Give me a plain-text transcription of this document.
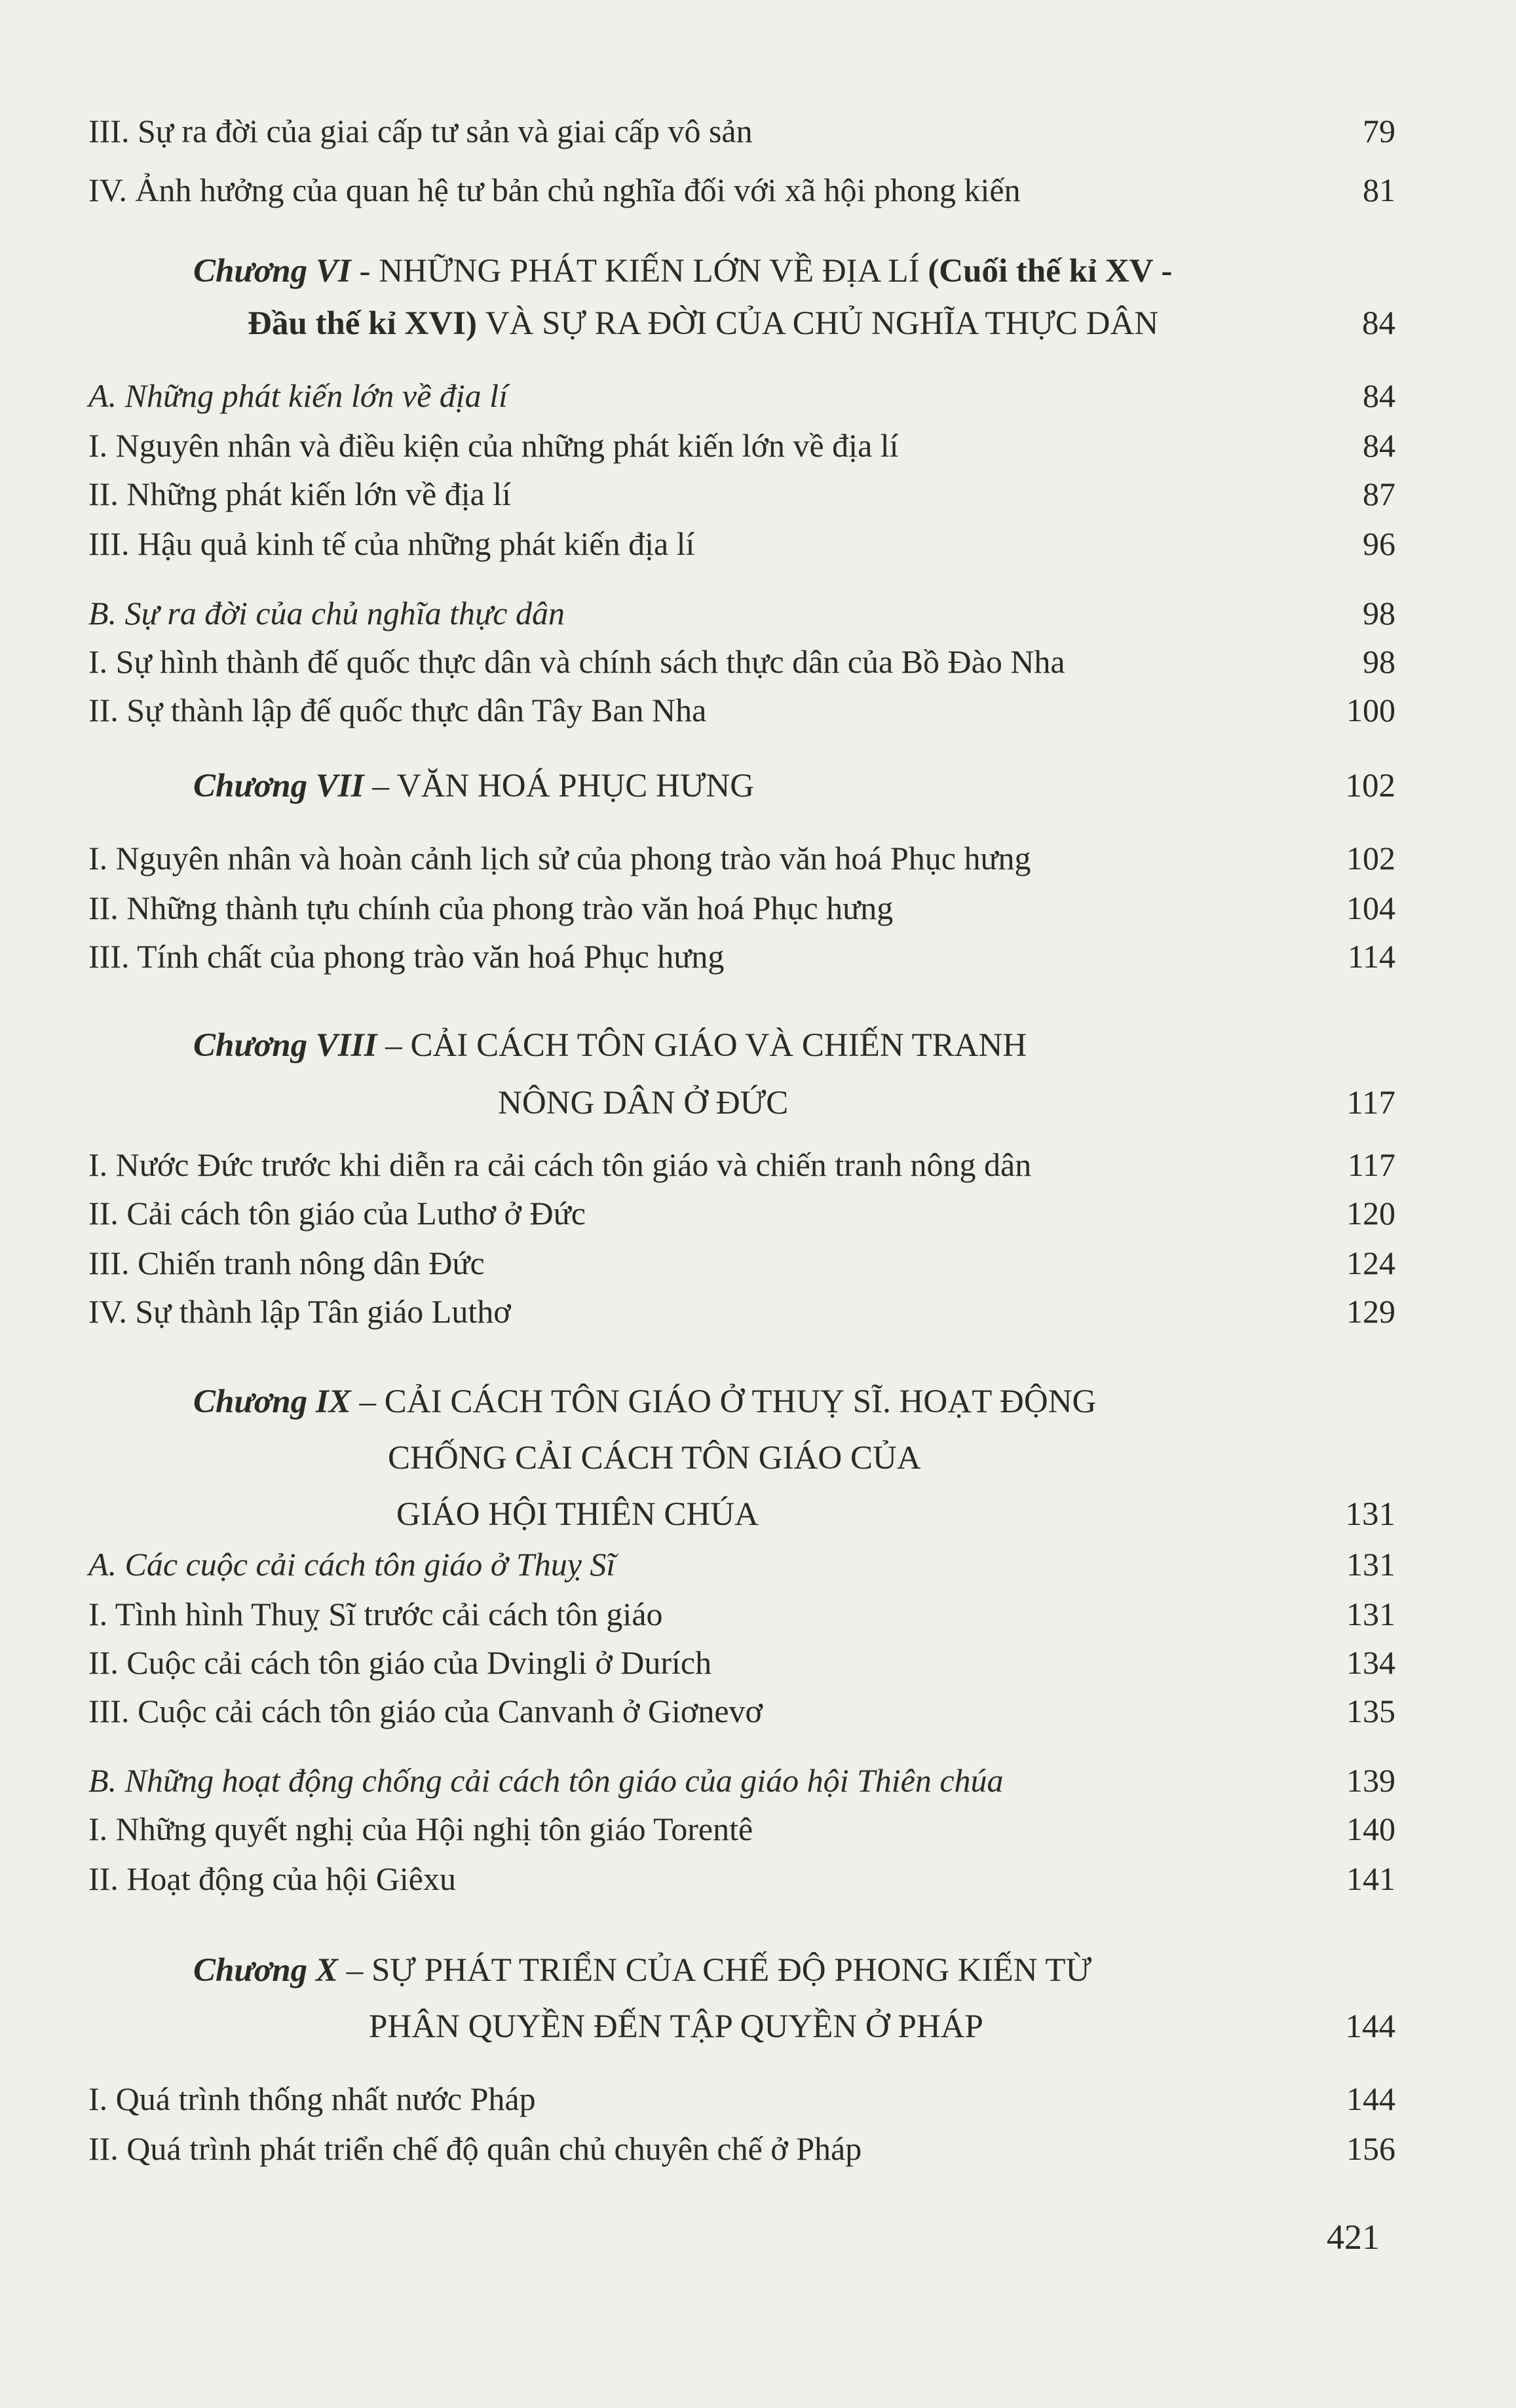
III. Sự ra đời của giai cấp tư sản và giai cấp vô sản	79
IV. Ảnh hưởng của quan hệ tư bản chủ nghĩa đối với xã hội phong kiến	81
Chương VI - NHỮNG PHÁT KIẾN LỚN VỀ ĐỊA LÍ (Cuối thế kỉ XV -
Đầu thế kỉ XVI) VÀ SỰ RA ĐỜI CỦA CHỦ NGHĨA THỰC DÂN	84
A. Những phát kiến lớn về địa lí	84
I. Nguyên nhân và điều kiện của những phát kiến lớn về địa lí	84
II. Những phát kiến lớn về địa lí	87
III. Hậu quả kinh tế của những phát kiến địa lí	96
B. Sự ra đời của chủ nghĩa thực dân	98
I. Sự hình thành đế quốc thực dân và chính sách thực dân của Bồ Đào Nha	98
II. Sự thành lập đế quốc thực dân Tây Ban Nha	100
Chương VII – VĂN HOÁ PHỤC HƯNG	102
I. Nguyên nhân và hoàn cảnh lịch sử của phong trào văn hoá Phục hưng	102
II. Những thành tựu chính của phong trào văn hoá Phục hưng	104
III. Tính chất của phong trào văn hoá Phục hưng	114
Chương VIII – CẢI CÁCH TÔN GIÁO VÀ CHIẾN TRANH
NÔNG DÂN Ở ĐỨC	117
I. Nước Đức trước khi diễn ra cải cách tôn giáo và chiến tranh nông dân	117
II. Cải cách tôn giáo của Luthơ ở Đức	120
III. Chiến tranh nông dân Đức	124
IV. Sự thành lập Tân giáo Luthơ	129
Chương IX – CẢI CÁCH TÔN GIÁO Ở THUỴ SĨ. HOẠT ĐỘNG
CHỐNG CẢI CÁCH TÔN GIÁO CỦA
GIÁO HỘI THIÊN CHÚA	131
A. Các cuộc cải cách tôn giáo ở Thuỵ Sĩ	131
I. Tình hình Thuỵ Sĩ trước cải cách tôn giáo	131
II. Cuộc cải cách tôn giáo của Dvingli ở Durích	134
III. Cuộc cải cách tôn giáo của Canvanh ở Giơnevơ	135
B. Những hoạt động chống cải cách tôn giáo của giáo hội Thiên chúa	139
I. Những quyết nghị của Hội nghị tôn giáo Torentê	140
II. Hoạt động của hội Giêxu	141
Chương X – SỰ PHÁT TRIỂN CỦA CHẾ ĐỘ PHONG KIẾN TỪ
PHÂN QUYỀN ĐẾN TẬP QUYỀN Ở PHÁP	144
I. Quá trình thống nhất nước Pháp	144
II. Quá trình phát triển chế độ quân chủ chuyên chế ở Pháp	156
421
